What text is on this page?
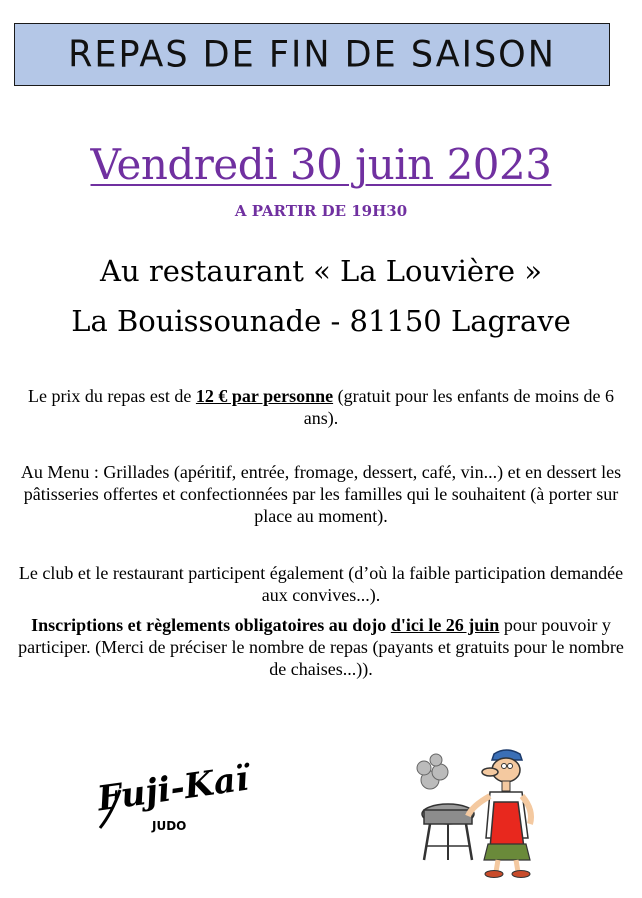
REPAS DE FIN DE SAISON
Vendredi 30 juin 2023
A PARTIR DE 19H30
Au restaurant « La Louvière »
La Bouissounade - 81150 Lagrave
Le prix du repas est de 12 € par personne (gratuit pour les enfants de moins de 6 ans).
Au Menu : Grillades (apéritif, entrée, fromage, dessert, café, vin...) et en dessert les pâtisseries offertes et confectionnées par les familles qui le souhaitent (à porter sur place au moment).
Le club et le restaurant participent également (d’où la faible participation demandée aux convives...).
Inscriptions et règlements obligatoires au dojo d'ici le 26 juin pour pouvoir y participer. (Merci de préciser le nombre de repas (payants et gratuits pour le nombre de chaises...)).
Fuji-Kaï
JUDO
